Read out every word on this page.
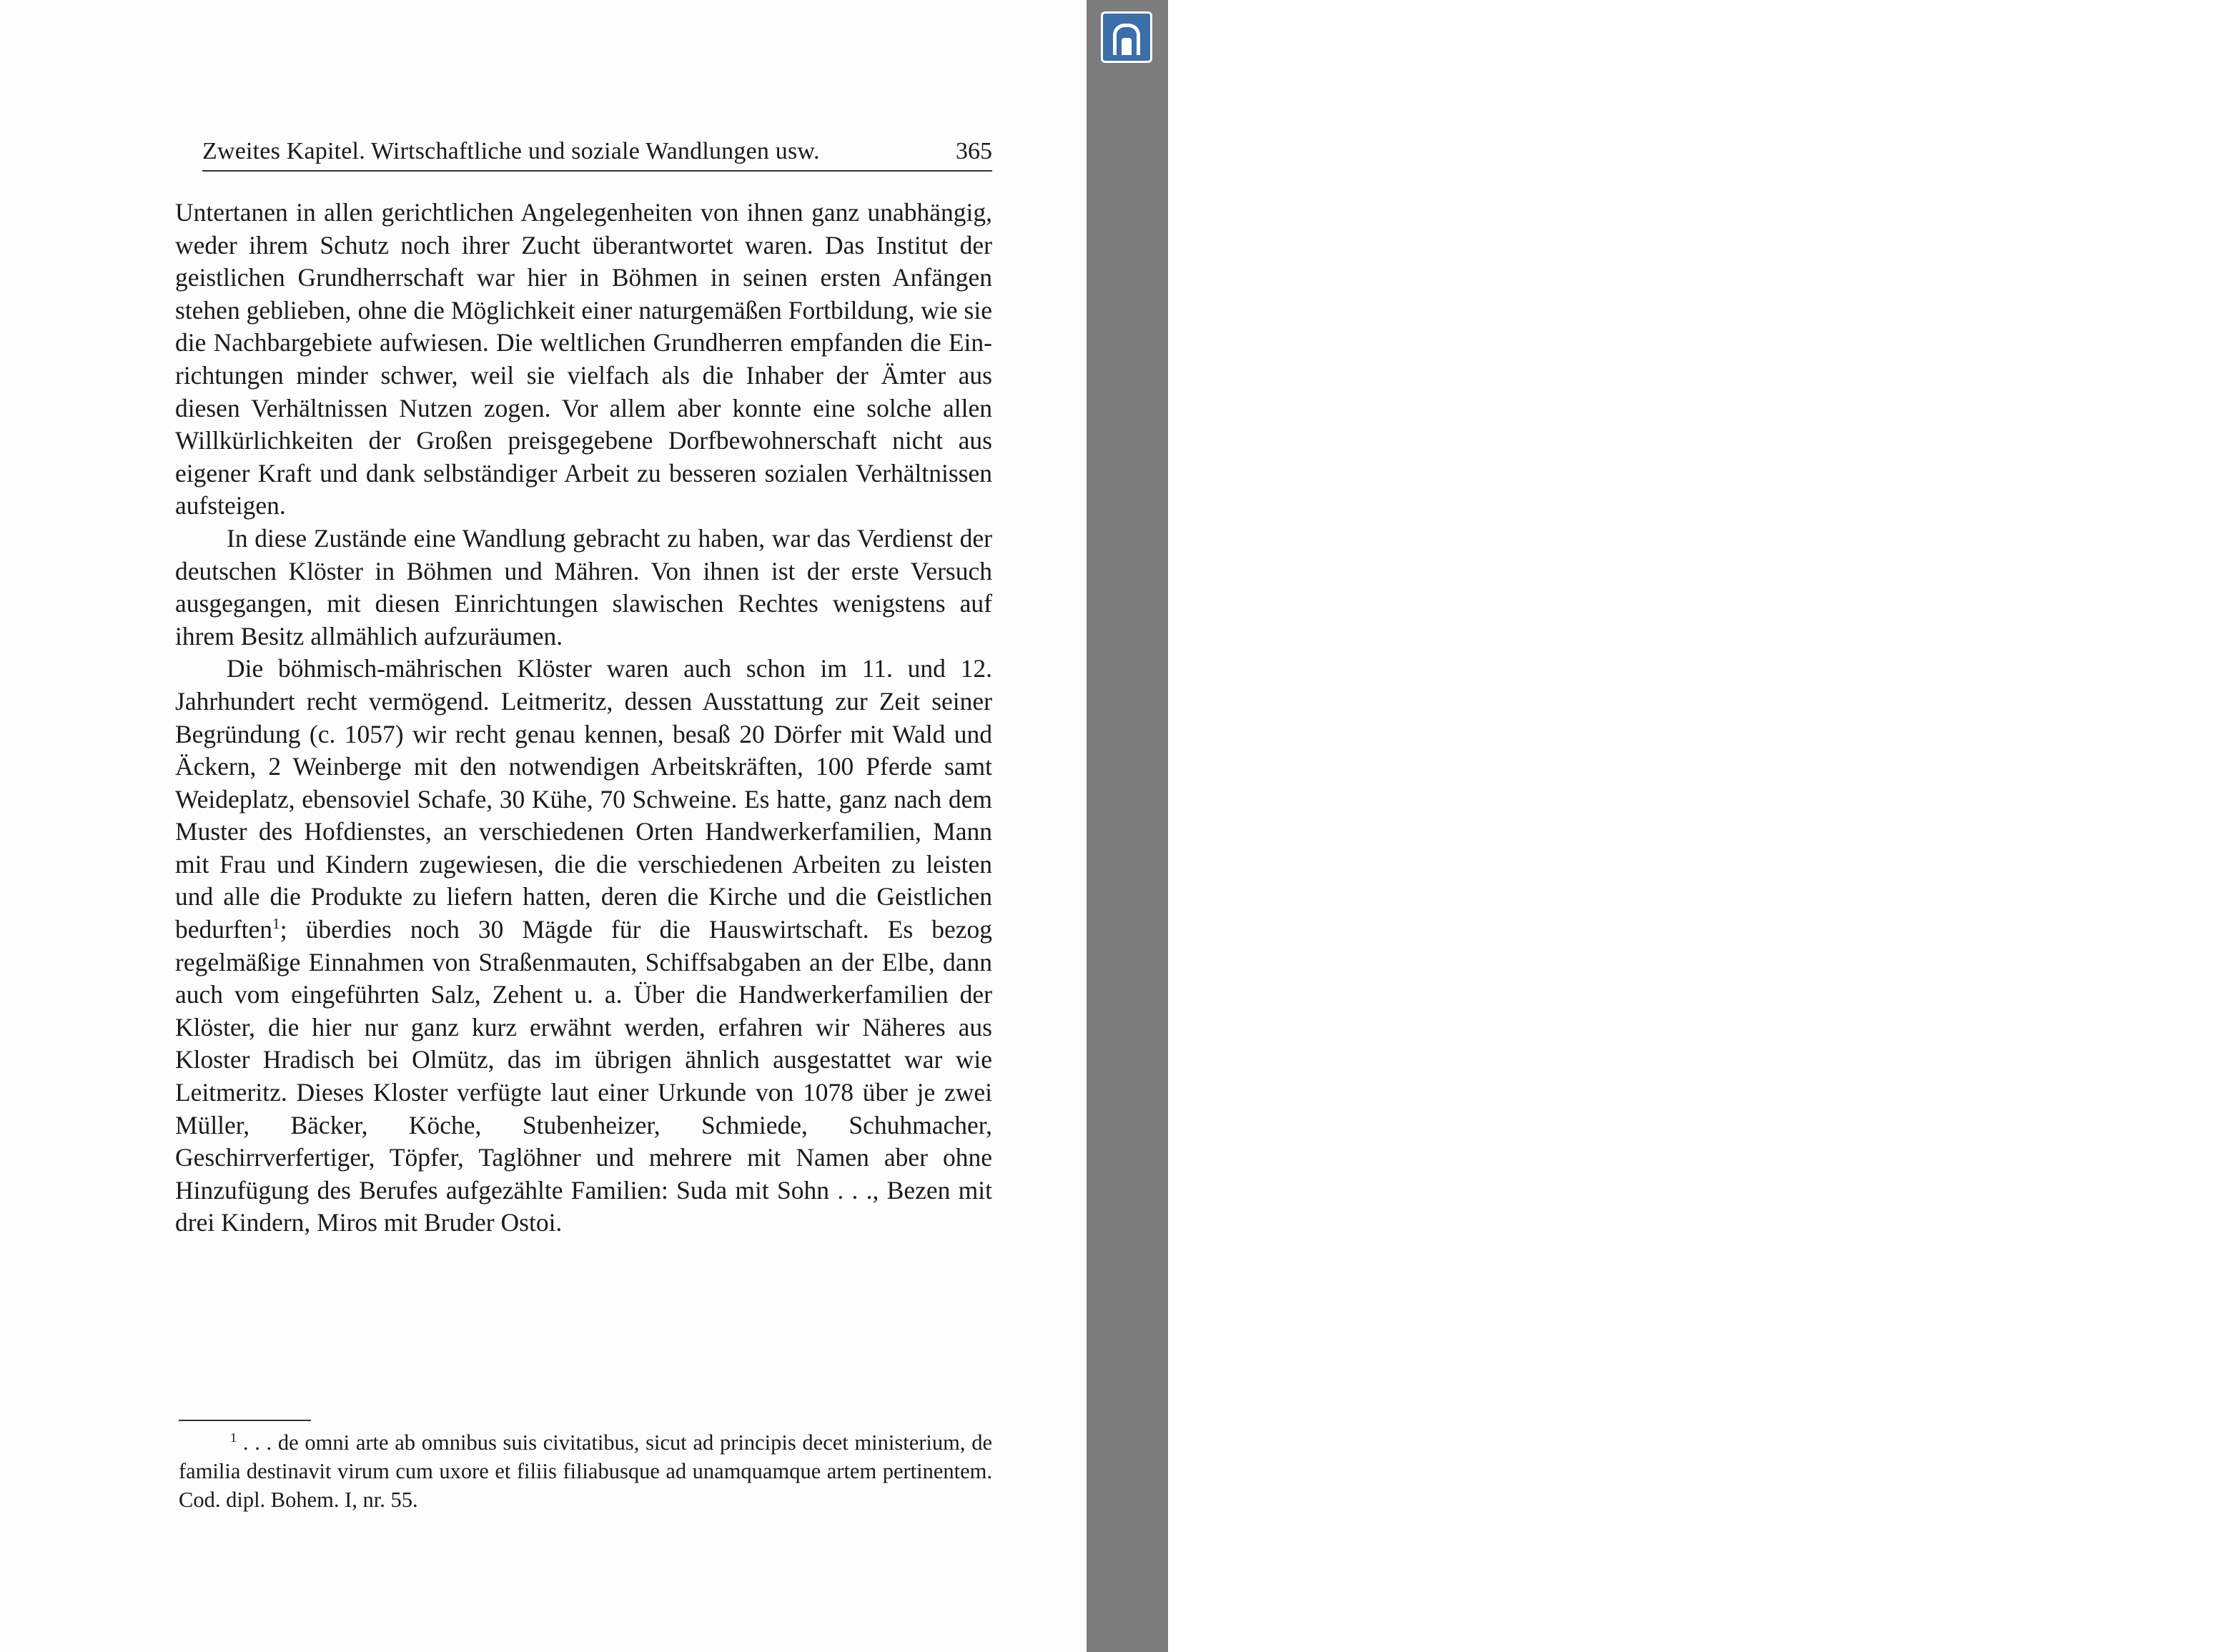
Zweites Kapitel. Wirtschaftliche und soziale Wandlungen usw.	365

Untertanen in allen gerichtlichen Angelegenheiten von ihnen ganz unabhängig, weder ihrem Schutz noch ihrer Zucht überantwortet waren. Das Institut der geistlichen Grundherrschaft war hier in Böhmen in seinen ersten Anfängen stehen geblieben, ohne die Möglichkeit einer naturgemäßen Fortbildung, wie sie die Nachbargebiete aufwiesen. Die weltlichen Grundherren empfanden die Einrichtungen minder schwer, weil sie vielfach als die Inhaber der Ämter aus diesen Verhältnissen Nutzen zogen. Vor allem aber konnte eine solche allen Willkürlichkeiten der Großen preisgegebene Dorfbewohnerschaft nicht aus eigener Kraft und dank selbständiger Arbeit zu besseren sozialen Verhältnissen aufsteigen.

In diese Zustände eine Wandlung gebracht zu haben, war das Verdienst der deutschen Klöster in Böhmen und Mähren. Von ihnen ist der erste Versuch ausgegangen, mit diesen Einrichtungen slawischen Rechtes wenigstens auf ihrem Besitz allmählich aufzuräumen.

Die böhmisch-mährischen Klöster waren auch schon im 11. und 12. Jahrhundert recht vermögend. Leitmeritz, dessen Ausstattung zur Zeit seiner Begründung (c. 1057) wir recht genau kennen, besaß 20 Dörfer mit Wald und Äckern, 2 Weinberge mit den notwendigen Arbeitskräften, 100 Pferde samt Weideplatz, ebensoviel Schafe, 30 Kühe, 70 Schweine. Es hatte, ganz nach dem Muster des Hofdienstes, an verschiedenen Orten Handwerkerfamilien, Mann mit Frau und Kindern zugewiesen, die die verschiedenen Arbeiten zu leisten und alle die Produkte zu liefern hatten, deren die Kirche und die Geistlichen bedurften$^1$; überdies noch 30 Mägde für die Hauswirtschaft. Es bezog regelmäßige Einnahmen von Straßenmauten, Schiffsabgaben an der Elbe, dann auch vom eingeführten Salz, Zehent u. a. Über die Handwerkerfamilien der Klöster, die hier nur ganz kurz erwähnt werden, erfahren wir Näheres aus Kloster Hradisch bei Olmütz, das im übrigen ähnlich ausgestattet war wie Leitmeritz. Dieses Kloster verfügte laut einer Urkunde von 1078 über je zwei Müller, Bäcker, Köche, Stubenheizer, Schmiede, Schuhmacher, Geschirrverfertiger, Töpfer, Taglöhner und mehrere mit Namen aber ohne Hinzufügung des Berufes aufgezählte Familien: Suda mit Sohn . . ., Bezen mit drei Kindern, Miros mit Bruder Ostoi.

$^1$ . . . de omni arte ab omnibus suis civitatibus, sicut ad principis decet ministerium, de familia destinavit virum cum uxore et filiis filiabusque ad unamquamque artem pertinentem. Cod. dipl. Bohem. I, nr. 55.

Créé par la version démo de Universal Document Converter. La version complète n'ajoute pas ce texte.
FR.PRINT-DRIVER.COM
